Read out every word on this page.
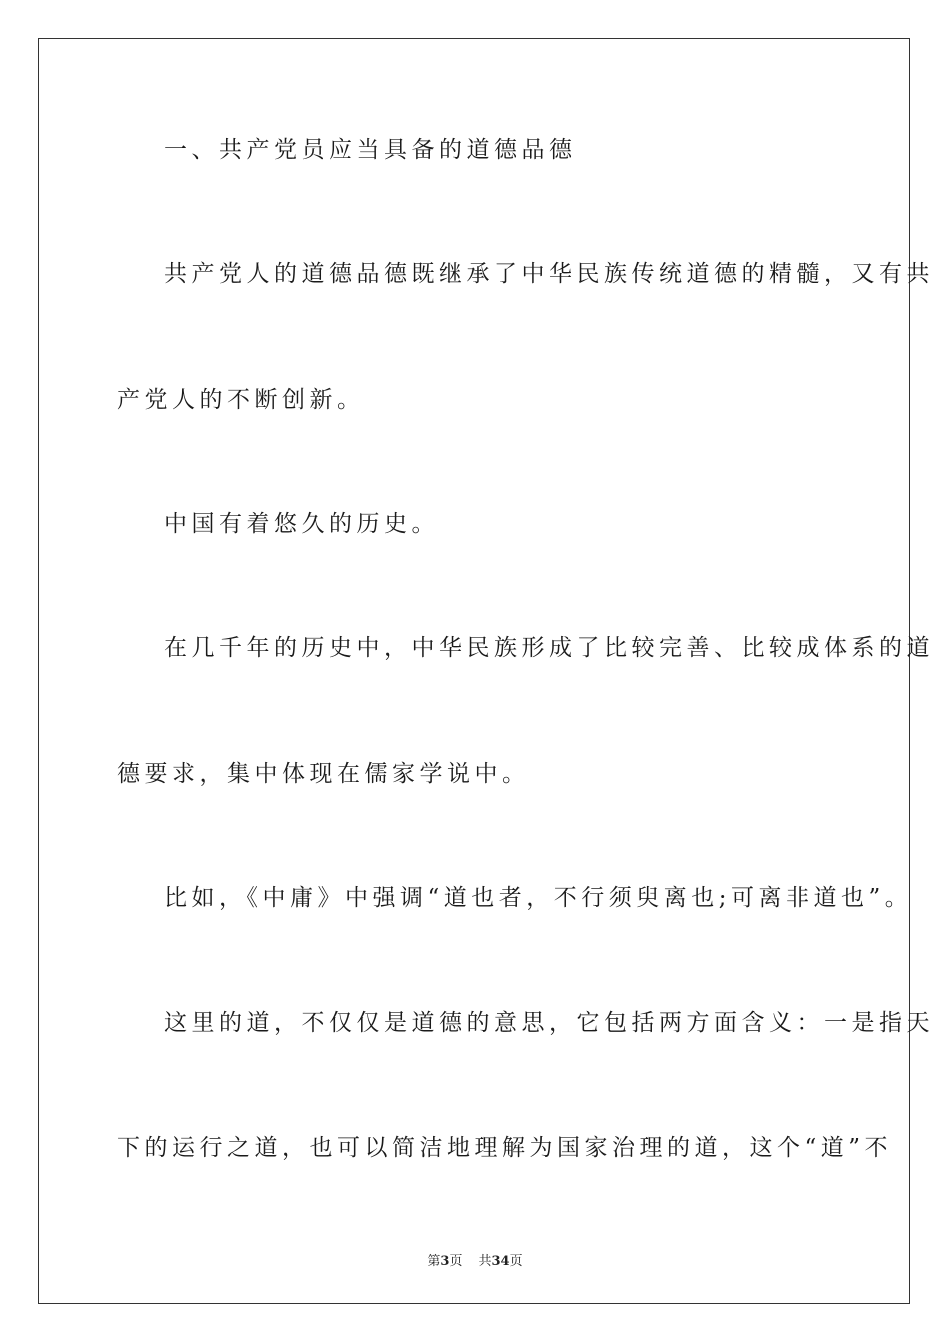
一、共产党员应当具备的道德品德
共产党人的道德品德既继承了中华民族传统道德的精髓，又有共
产党人的不断创新。
中国有着悠久的历史。
在几千年的历史中，中华民族形成了比较完善、比较成体系的道
德要求，集中体现在儒家学说中。
比如，《中庸》中强调“道也者，不行须臾离也;可离非道也”。
这里的道，不仅仅是道德的意思，它包括两方面含义：一是指天
下的运行之道，也可以简洁地理解为国家治理的道，这个“道”不
第3页 共34页
